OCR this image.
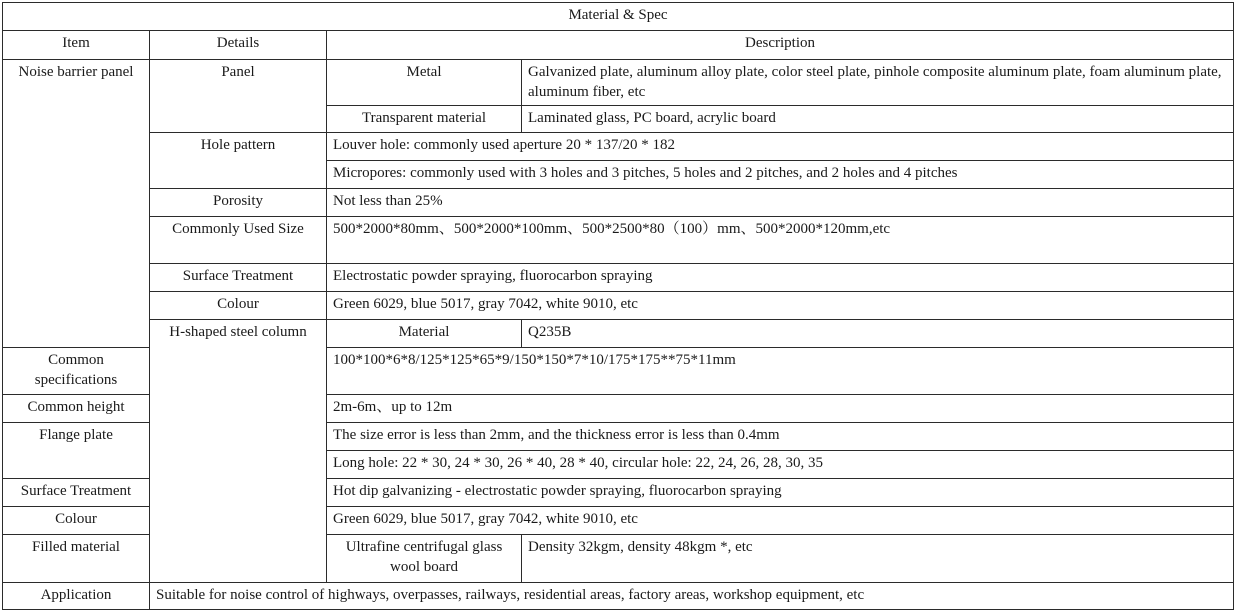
Material & Spec			
Item	Details	Description	
Noise barrier panel	Panel	Metal	Galvanized plate, aluminum alloy plate, color steel plate, pinhole composite aluminum plate, foam aluminum plate, aluminum fiber, etc
		Transparent material	Laminated glass, PC board, acrylic board
	Hole pattern	Louver hole: commonly used aperture 20 * 137/20 * 182	
		Micropores: commonly used with 3 holes and 3 pitches, 5 holes and 2 pitches, and 2 holes and 4 pitches	
	Porosity	Not less than 25%	
	Commonly Used Size	500*2000*80mm、500*2000*100mm、500*2500*80（100）mm、500*2000*120mm,etc	
	Surface Treatment	Electrostatic powder spraying, fluorocarbon spraying	
	Colour	Green 6029, blue 5017, gray 7042, white 9010, etc	
	H-shaped steel column	Material	Q235B
Common specifications		100*100*6*8/125*125*65*9/150*150*7*10/175*175**75*11mm	
Common height		2m-6m、up to 12m	
Flange plate		The size error is less than 2mm, and the thickness error is less than 0.4mm	
		Long hole: 22 * 30, 24 * 30, 26 * 40, 28 * 40, circular hole: 22, 24, 26, 28, 30, 35	
Surface Treatment		Hot dip galvanizing - electrostatic powder spraying, fluorocarbon spraying	
Colour		Green 6029, blue 5017, gray 7042, white 9010, etc	
Filled material		Ultrafine centrifugal glass wool board	Density 32kgm, density 48kgm *, etc
Application	Suitable for noise control of highways, overpasses, railways, residential areas, factory areas, workshop equipment, etc		
